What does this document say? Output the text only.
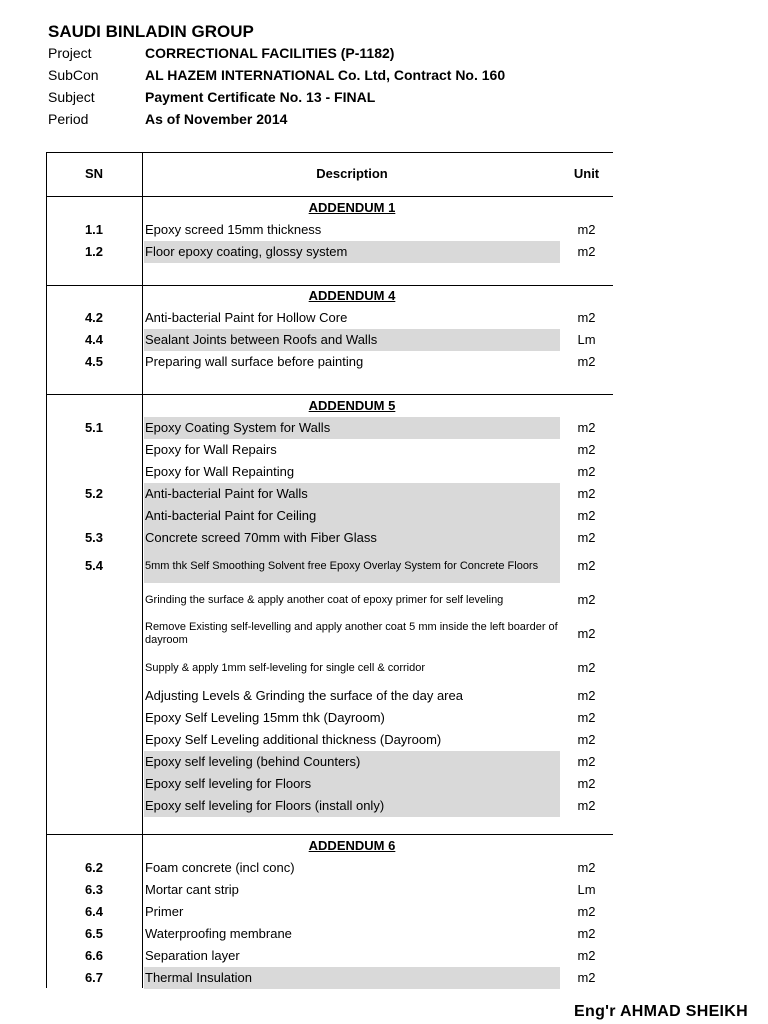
SAUDI BINLADIN GROUP
Project	CORRECTIONAL FACILITIES (P-1182)
SubCon	AL HAZEM INTERNATIONAL Co. Ltd, Contract No. 160
Subject	Payment Certificate No. 13 - FINAL
Period	As of November 2014
SN	Description	Unit
ADDENDUM 1
1.1	Epoxy screed 15mm thickness	m2
1.2	Floor epoxy coating, glossy system	m2
ADDENDUM 4
4.2	Anti-bacterial Paint for Hollow Core	m2
4.4	Sealant Joints between Roofs and Walls	Lm
4.5	Preparing wall surface before painting	m2
ADDENDUM 5
5.1	Epoxy Coating System for Walls	m2
Epoxy for Wall Repairs	m2
Epoxy for Wall Repainting	m2
5.2	Anti-bacterial Paint for Walls	m2
Anti-bacterial Paint for Ceiling	m2
5.3	Concrete screed 70mm with Fiber Glass	m2
5.4	5mm thk Self Smoothing Solvent free Epoxy Overlay System for Concrete Floors	m2
Grinding the surface & apply another coat of epoxy primer for self leveling	m2
Remove Existing self-levelling and apply another coat 5 mm inside the left boarder of dayroom	m2
Supply & apply 1mm self-leveling for single cell & corridor	m2
Adjusting Levels & Grinding the surface of the day area	m2
Epoxy Self Leveling 15mm thk (Dayroom)	m2
Epoxy Self Leveling additional thickness (Dayroom)	m2
Epoxy self leveling (behind Counters)	m2
Epoxy self leveling for Floors	m2
Epoxy self leveling for Floors (install only)	m2
ADDENDUM 6
6.2	Foam concrete (incl conc)	m2
6.3	Mortar cant strip	Lm
6.4	Primer	m2
6.5	Waterproofing membrane	m2
6.6	Separation layer	m2
6.7	Thermal Insulation	m2
Eng'r AHMAD SHEIKH
